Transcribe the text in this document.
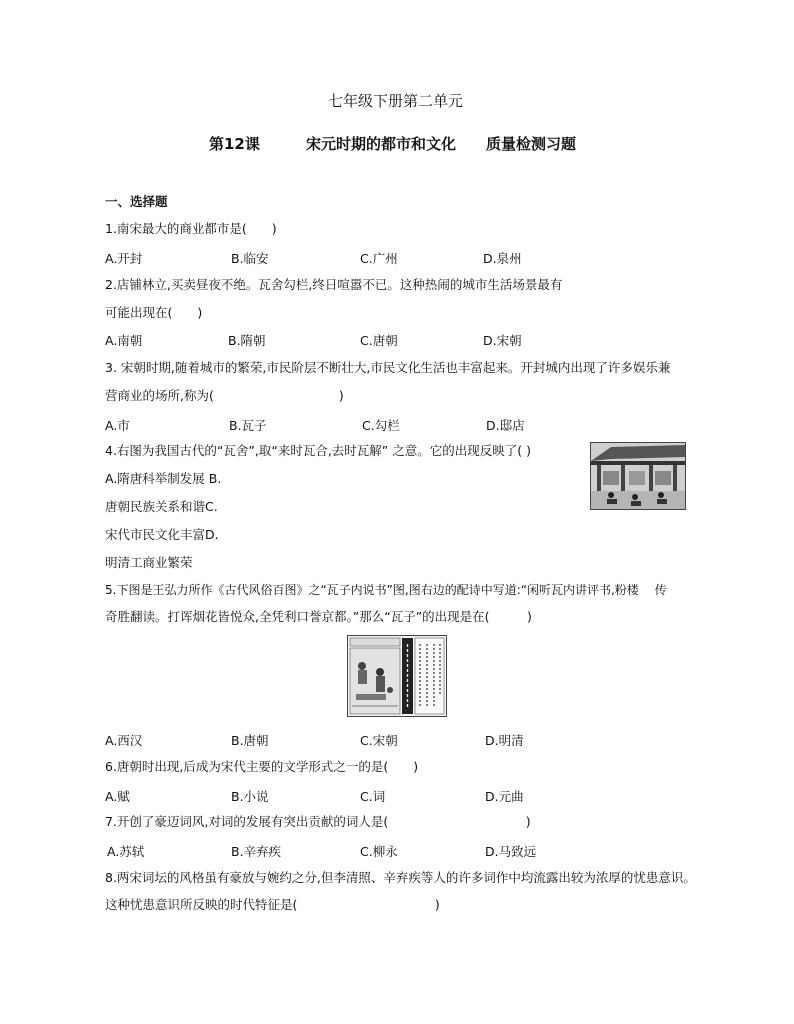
七年级下册第二单元
第12课	宋元时期的都市和文化 质量检测习题
一、选择题
1.南宋最大的商业都市是(　　)
A.开封	B.临安	C.广州	D.泉州
2.店铺林立,买卖昼夜不绝。瓦舍勾栏,终日喧嚣不已。这种热闹的城市生活场景最有
可能出现在(　　)
A.南朝	B.隋朝	C.唐朝	D.宋朝
3. 宋朝时期,随着城市的繁荣,市民阶层不断壮大,市民文化生活也丰富起来。开封城内出现了许多娱乐兼
营商业的场所,称为(　　　　　　　　　　)
A.市	B.瓦子	C.勾栏	D.邸店
4.右图为我国古代的“瓦舍”,取“来时瓦合,去时瓦解” 之意。它的出现反映了( )
A.隋唐科举制发展 B.
唐朝民族关系和谐C.
宋代市民文化丰富D.
明清工商业繁荣
5.下图是王弘力所作《古代风俗百图》之“瓦子内说书”图,图右边的配诗中写道:“闲听瓦内讲评书,粉楼　 传
奇胜翻读。打诨烟花皆悦众,全凭利口誉京都。”那么“瓦子”的出现是在(　　　)
A.西汉	B.唐朝	C.宋朝	D.明清
6.唐朝时出现,后成为宋代主要的文学形式之一的是(　　)
A.赋	B.小说	C.词	D.元曲
7.开创了豪迈词风,对词的发展有突出贡献的词人是(　　　　　　　　　　　)
A.苏轼	B.辛弃疾	C.柳永	D.马致远
8.两宋词坛的风格虽有豪放与婉约之分,但李清照、辛弃疾等人的许多词作中均流露出较为浓厚的忧患意识。
这种忧患意识所反映的时代特征是(　　　　　　　　　　　)
